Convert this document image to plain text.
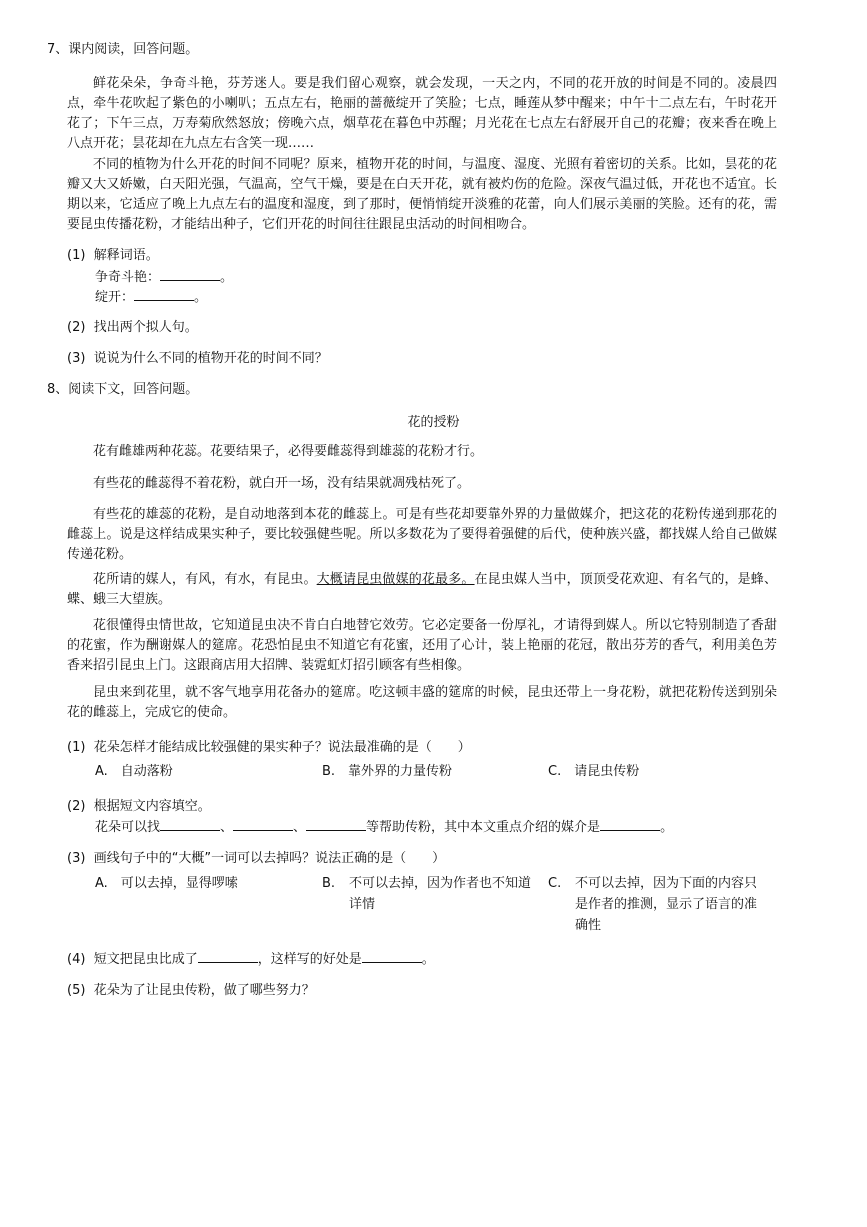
7、课内阅读，回答问题。
鲜花朵朵，争奇斗艳，芬芳迷人。要是我们留心观察，就会发现，一天之内，不同的花开放的时间是不同的。凌晨四点，牵牛花吹起了紫色的小喇叭；五点左右，艳丽的蔷薇绽开了笑脸；七点，睡莲从梦中醒来；中午十二点左右，午时花开花了；下午三点，万寿菊欣然怒放；傍晚六点，烟草花在暮色中苏醒；月光花在七点左右舒展开自己的花瓣；夜来香在晚上八点开花；昙花却在九点左右含笑一现……
不同的植物为什么开花的时间不同呢？原来，植物开花的时间，与温度、湿度、光照有着密切的关系。比如，昙花的花瓣又大又娇嫩，白天阳光强，气温高，空气干燥，要是在白天开花，就有被灼伤的危险。深夜气温过低，开花也不适宜。长期以来，它适应了晚上九点左右的温度和湿度，到了那时，便悄悄绽开淡雅的花蕾，向人们展示美丽的笑脸。还有的花，需要昆虫传播花粉，才能结出种子，它们开花的时间往往跟昆虫活动的时间相吻合。
(1) 解释词语。
争奇斗艳：	。
绽开：	。
(2) 找出两个拟人句。
(3) 说说为什么不同的植物开花的时间不同？
8、阅读下文，回答问题。
花的授粉
花有雌雄两种花蕊。花要结果子，必得要雌蕊得到雄蕊的花粉才行。
有些花的雌蕊得不着花粉，就白开一场，没有结果就凋残枯死了。
有些花的雄蕊的花粉，是自动地落到本花的雌蕊上。可是有些花却要靠外界的力量做媒介，把这花的花粉传递到那花的雌蕊上。说是这样结成果实种子，要比较强健些呢。所以多数花为了要得着强健的后代，使种族兴盛，都找媒人给自己做媒传递花粉。
花所请的媒人，有风，有水，有昆虫。大概请昆虫做媒的花最多。在昆虫媒人当中，顶顶受花欢迎、有名气的，是蜂、蝶、蛾三大望族。
花很懂得虫情世故，它知道昆虫决不肯白白地替它效劳。它必定要备一份厚礼，才请得到媒人。所以它特别制造了香甜的花蜜，作为酬谢媒人的筵席。花恐怕昆虫不知道它有花蜜，还用了心计，装上艳丽的花冠，散出芬芳的香气，利用美色芳香来招引昆虫上门。这跟商店用大招牌、装霓虹灯招引顾客有些相像。
昆虫来到花里，就不客气地享用花备办的筵席。吃这顿丰盛的筵席的时候，昆虫还带上一身花粉，就把花粉传送到别朵花的雌蕊上，完成它的使命。
(1) 花朵怎样才能结成比较强健的果实种子？说法最准确的是（　　）
A.　自动落粉	B.　靠外界的力量传粉	C.　请昆虫传粉
(2) 根据短文内容填空。
花朵可以找	、	、	等帮助传粉，其中本文重点介绍的媒介是	。
(3) 画线句子中的“大概”一词可以去掉吗？说法正确的是（　　）
A.　可以去掉，显得啰嗦	B. 不可以去掉，因为作者也不知道详情
C. 不可以去掉，因为下面的内容只是作者的推测，显示了语言的准确性
(4) 短文把昆虫比成了	，这样写的好处是	。
(5) 花朵为了让昆虫传粉，做了哪些努力？
